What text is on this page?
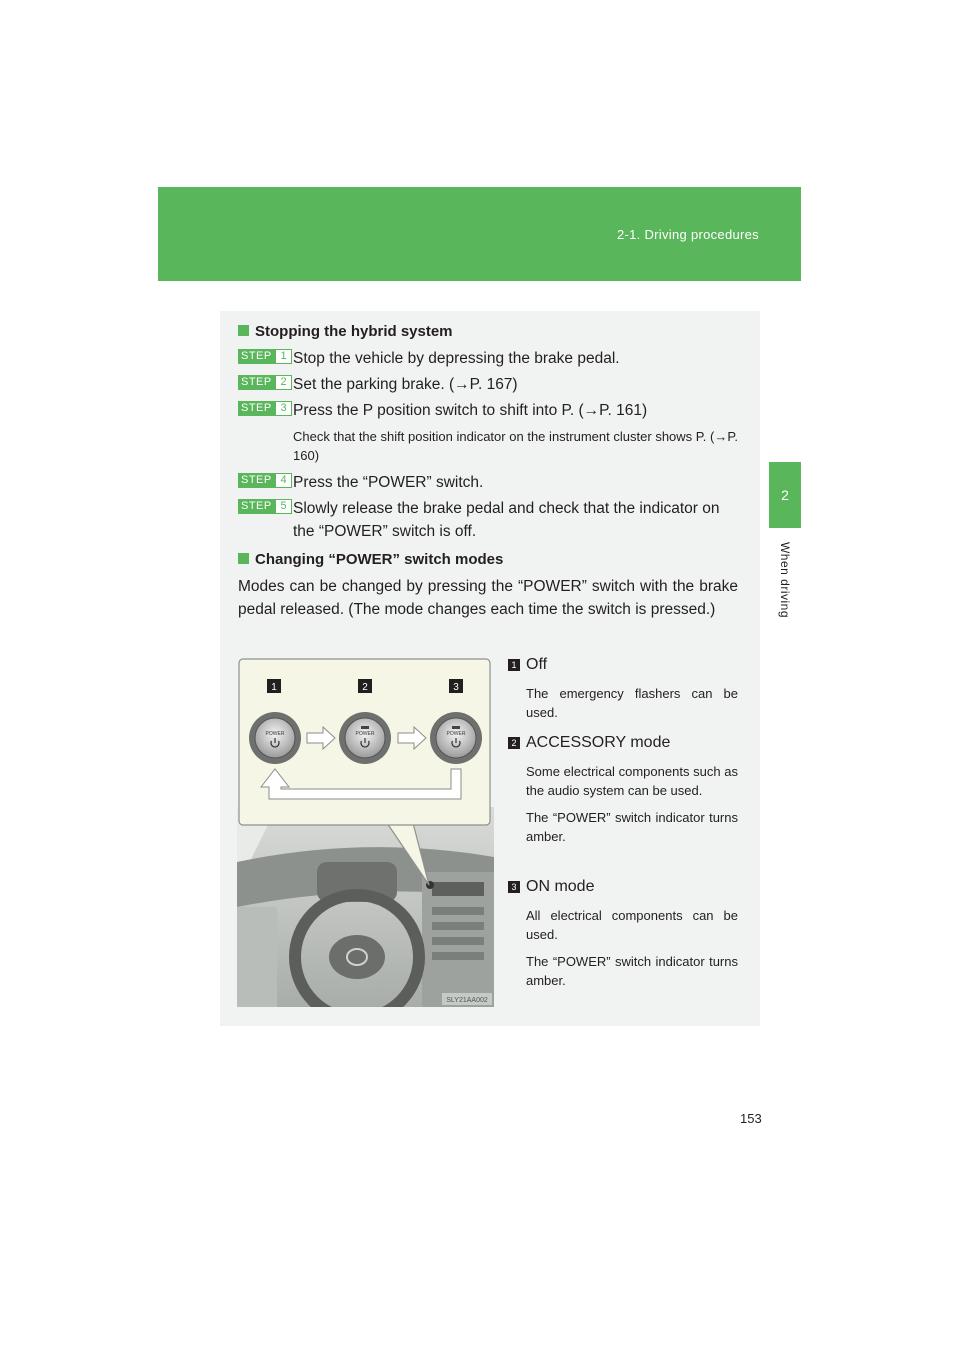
2-1. Driving procedures
2
When driving
Stopping the hybrid system
STEP 1 Stop the vehicle by depressing the brake pedal.
STEP 2 Set the parking brake. (→P. 167)
STEP 3 Press the P position switch to shift into P. (→P. 161)
Check that the shift position indicator on the instrument cluster shows P. (→P. 160)
STEP 4 Press the “POWER” switch.
STEP 5 Slowly release the brake pedal and check that the indicator on the “POWER” switch is off.
Changing “POWER” switch modes
Modes can be changed by pressing the “POWER” switch with the brake pedal released. (The mode changes each time the switch is pressed.)
1	2	3
POWER	POWER	POWER
SLY21AA002
1 Off
The emergency flashers can be used.
2 ACCESSORY mode
Some electrical components such as the audio system can be used.
The “POWER” switch indicator turns amber.
3 ON mode
All electrical components can be used.
The “POWER” switch indicator turns amber.
153
